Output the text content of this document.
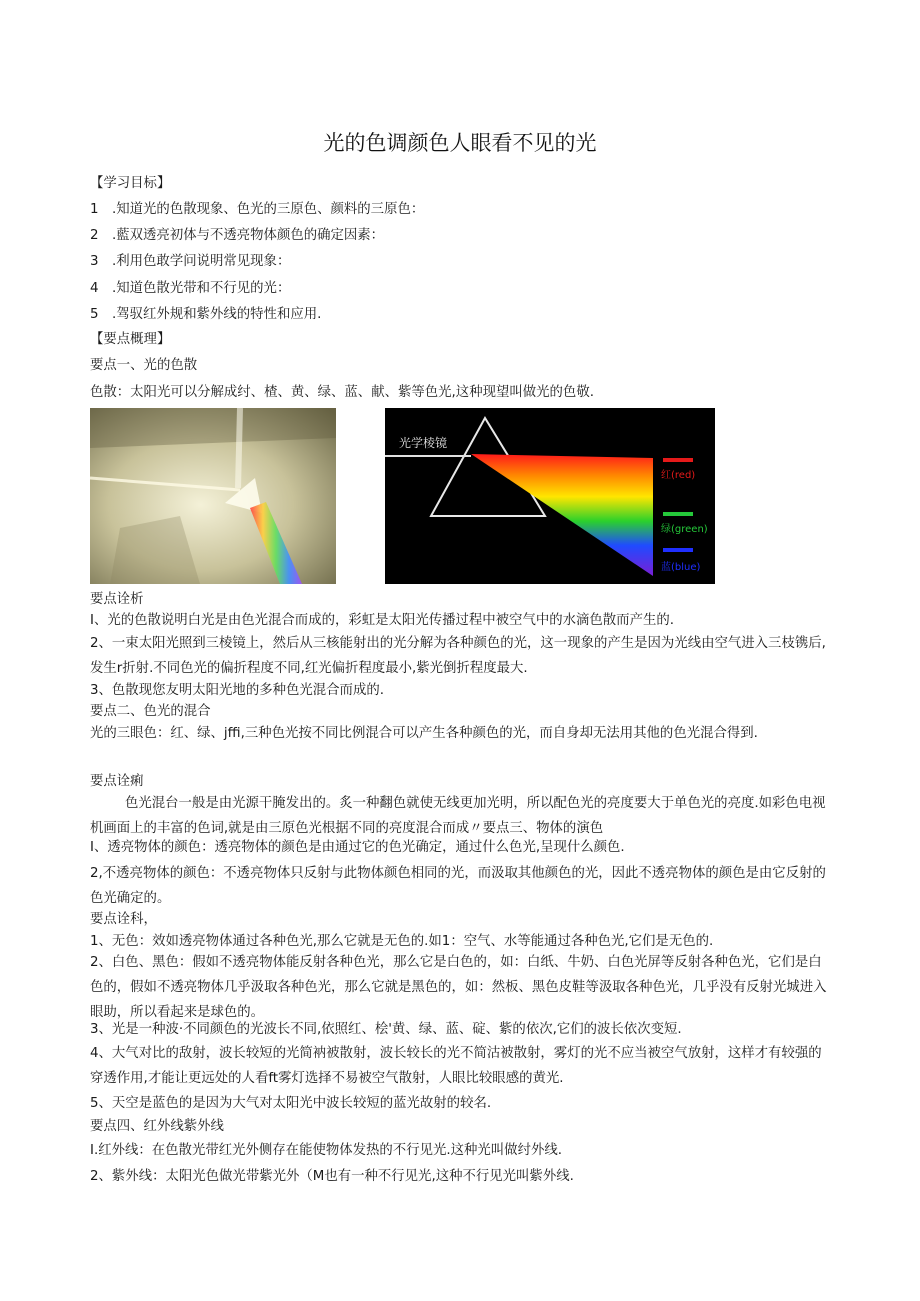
光的色调颜色人眼看不见的光
【学习目标】
1 .知道光的色散现象、色光的三原色、颜料的三原色：
2 .藍双透亮初体与不透亮物体颜色的确定因素：
3 .利用色敢学问说明常见现象：
4 .知道色散光带和不行见的光：
5 .驾驭红外规和紫外线的特性和应用.
【要点概理】
要点一、光的色散
色散：太阳光可以分解成纣、楂、黄、绿、蓝、献、紫等色光,这种现望叫做光的色敬.
光学棱镜
红(red)
绿(green)
蓝(blue)
要点诠析
I、光的色散说明白光是由色光混合而成的，彩虹是太阳光传播过程中被空气中的水滴色散而产生的.
2、一束太阳光照到三棱镜上，然后从三核能射出的光分解为各种颜色的光，这一现象的产生是因为光线由空气进入三枝镌后,发生r折射.不同色光的偏折程度不同,红光偏折程度最小,紫光倒折程度最大.
3、色散现您友明太阳光地的多种色光混合而成的.
要点二、色光的混合
光的三眼色：红、绿、jffi,三种色光按不同比例混合可以产生各种颜色的光，而自身却无法用其他的色光混合得到.
要点诠痢
色光混台一般是由光源干腌发出的。炙一种翻色就使无线更加光明，所以配色光的亮度要大于单色光的亮度.如彩色电视机画面上的丰富的色词,就是由三原色光根据不同的亮度混合而成〃要点三、物体的演色
I、透亮物体的颜色：透亮物体的颜色是由通过它的色光确定，通过什么色光,呈现什么颜色.
2,不透亮物体的颜色：不透亮物体只反射与此物体颜色相同的光，而汲取其他颜色的光，因此不透亮物体的颜色是由它反射的色光确定的。
要点诠科，
1、无色：效如透亮物体通过各种色光,那么它就是无色的.如1：空气、水等能通过各种色光,它们是无色的.
2、白色、黑色：假如不透亮物体能反射各种色光，那么它是白色的，如：白纸、牛奶、白色光屏等反射各种色光，它们是白色的，假如不透亮物体几乎汲取各种色光，那么它就是黑色的，如：然板、黑色皮鞋等汲取各种色光，几乎没有反射光城进入眼助，所以看起来是球色的。
3、光是一种波·不同颜色的光波长不同,依照红、桧'黄、绿、蓝、碇、紫的依次,它们的波长依次变短.
4、大气对比的敌射，波长较短的光简衲被散射，波长较长的光不简沽被散射，雾灯的光不应当被空气放射，这样才有较强的穿透作用,才能让更远处的人看ft雾灯选择不易被空气散射，人眼比较眼感的黄光.
5、天空是蓝色的是因为大气对太阳光中波长较短的蓝光故射的较名.
要点四、红外线紫外线
I.红外线：在色散光带红光外侧存在能使物体发热的不行见光.这种光叫做纣外线.
2、紫外线：太阳光色做光带紫光外（M也有一种不行见光,这种不行见光叫紫外线.
